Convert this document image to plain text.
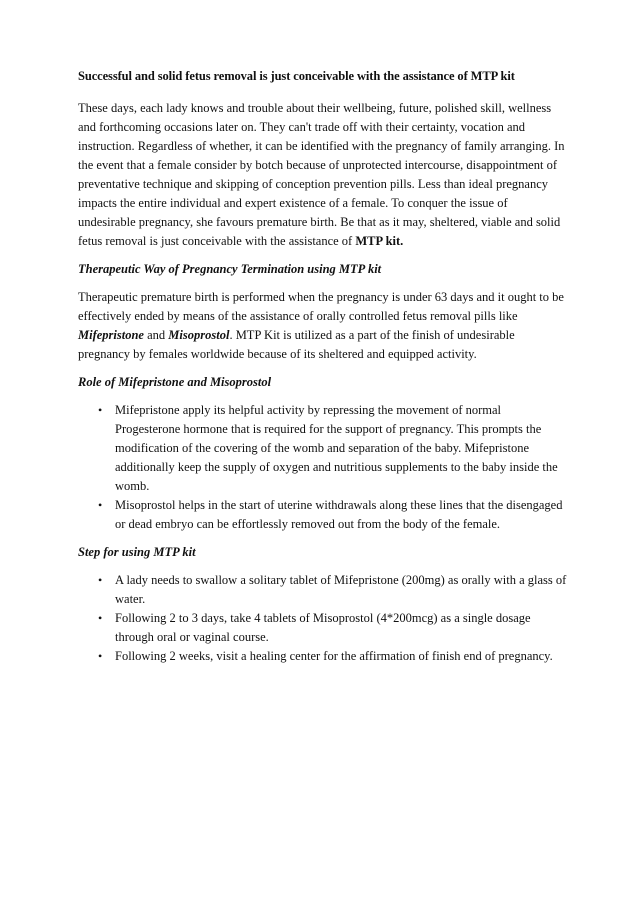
Successful and solid fetus removal is just conceivable with the assistance of MTP kit

These days, each lady knows and trouble about their wellbeing, future, polished skill, wellness and forthcoming occasions later on. They can't trade off with their certainty, vocation and instruction. Regardless of whether, it can be identified with the pregnancy of family arranging. In the event that a female consider by botch because of unprotected intercourse, disappointment of preventative technique and skipping of conception prevention pills. Less than ideal pregnancy impacts the entire individual and expert existence of a female. To conquer the issue of undesirable pregnancy, she favours premature birth. Be that as it may, sheltered, viable and solid fetus removal is just conceivable with the assistance of MTP kit.

Therapeutic Way of Pregnancy Termination using MTP kit

Therapeutic premature birth is performed when the pregnancy is under 63 days and it ought to be effectively ended by means of the assistance of orally controlled fetus removal pills like Mifepristone and Misoprostol. MTP Kit is utilized as a part of the finish of undesirable pregnancy by females worldwide because of its sheltered and equipped activity.

Role of Mifepristone and Misoprostol
• Mifepristone apply its helpful activity by repressing the movement of normal Progesterone hormone that is required for the support of pregnancy. This prompts the modification of the covering of the womb and separation of the baby. Mifepristone additionally keep the supply of oxygen and nutritious supplements to the baby inside the womb.
• Misoprostol helps in the start of uterine withdrawals along these lines that the disengaged or dead embryo can be effortlessly removed out from the body of the female.
Step for using MTP kit
• A lady needs to swallow a solitary tablet of Mifepristone (200mg) as orally with a glass of water.
• Following 2 to 3 days, take 4 tablets of Misoprostol (4*200mcg) as a single dosage through oral or vaginal course.
• Following 2 weeks, visit a healing center for the affirmation of finish end of pregnancy.
